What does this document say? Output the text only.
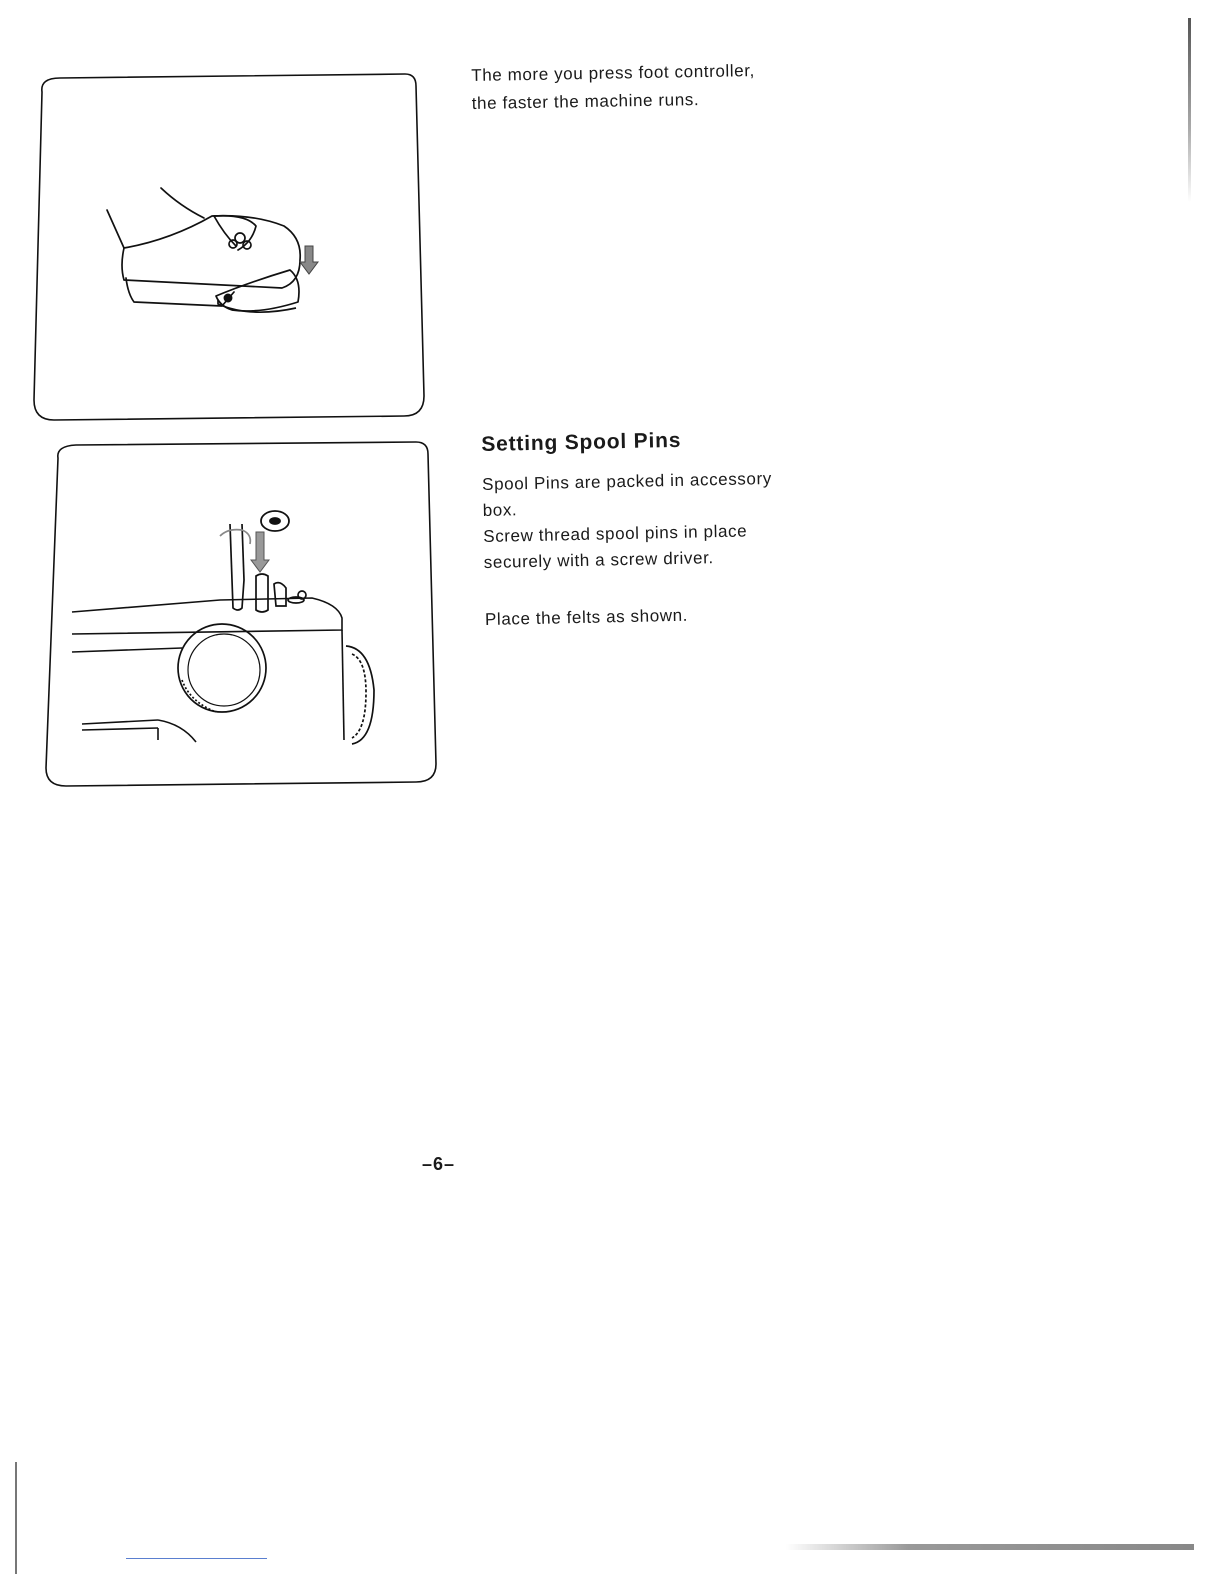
The more you press foot controller,

the faster the machine runs.

Setting Spool Pins

Spool Pins are packed in accessory

box.

Screw thread spool pins in place

securely with a screw driver.

Place the felts as shown.

–6–
